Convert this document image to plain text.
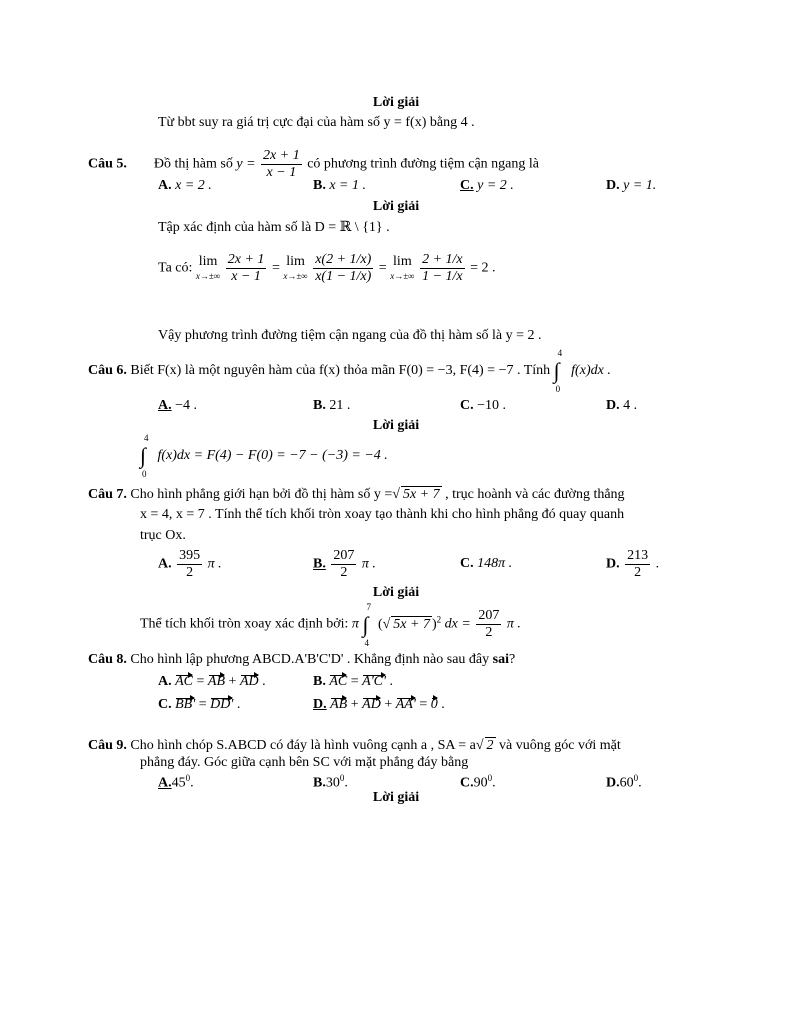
Lời giải
Từ bbt suy ra giá trị cực đại của hàm số y = f(x) bằng 4 .
Câu 5. Đồ thị hàm số $y = \frac{2x + 1}{x - 1}$ có phương trình đường tiệm cận ngang là
A. x = 2 .	B. x = 1 .	C. y = 2 .	D. y = 1.
Lời giải
Tập xác định của hàm số là D = ℝ \ {1} .
Ta có: lim
x→±∞
$\frac{2x + 1}{x - 1} = \lim$
x→±∞
$\frac{x(2 + 1/x)}{x(1 - 1/x)} = \lim$
x→±∞
$\frac{2 + 1/x}{1 - 1/x} = 2$ .
Vậy phương trình đường tiệm cận ngang của đồ thị hàm số là y = 2 .
Câu 6. Biết F(x) là một nguyên hàm của f(x) thỏa mãn F(0) = −3, F(4) = −7 . Tính
4
∫
0
f(x)dx .
A. −4 .	B. 21 .	C. −10 .	D. 4 .
Lời giải
4
∫
0
f(x)dx = F(4) − F(0) = −7 − (−3) = −4 .
Câu 7. Cho hình phẳng giới hạn bởi đồ thị hàm số y =√ 5x + 7 , trục hoành và các đường thẳng
x = 4, x = 7 . Tính thể tích khối tròn xoay tạo thành khi cho hình phẳng đó quay quanh
trục Ox.
A. $\frac{395}{2}$ π .	B. $\frac{207}{2}$ π .	C. 148π .	D. $\frac{213}{2}$ .
Lời giải
Thể tích khối tròn xoay xác định bởi: π
7
∫
4
(√ 5x + 7 )$^2$ dx = $\frac{207}{2}$ π .
Câu 8. Cho hình lập phương ABCD.A'B'C'D' . Khẳng định nào sau đây sai?
A. AC = AB + AD .	B. AC = A'C' .
C. BB' = DD' .	D. AB + AD + AA' = 0 .
Câu 9. Cho hình chóp S.ABCD có đáy là hình vuông cạnh a , SA = a√ 2 và vuông góc với mặt
phẳng đáy. Góc giữa cạnh bên SC với mặt phẳng đáy bằng
$A.45^0$.	$B.30^0$.	$C.90^0$.	$D.60^0$.
Lời giải
